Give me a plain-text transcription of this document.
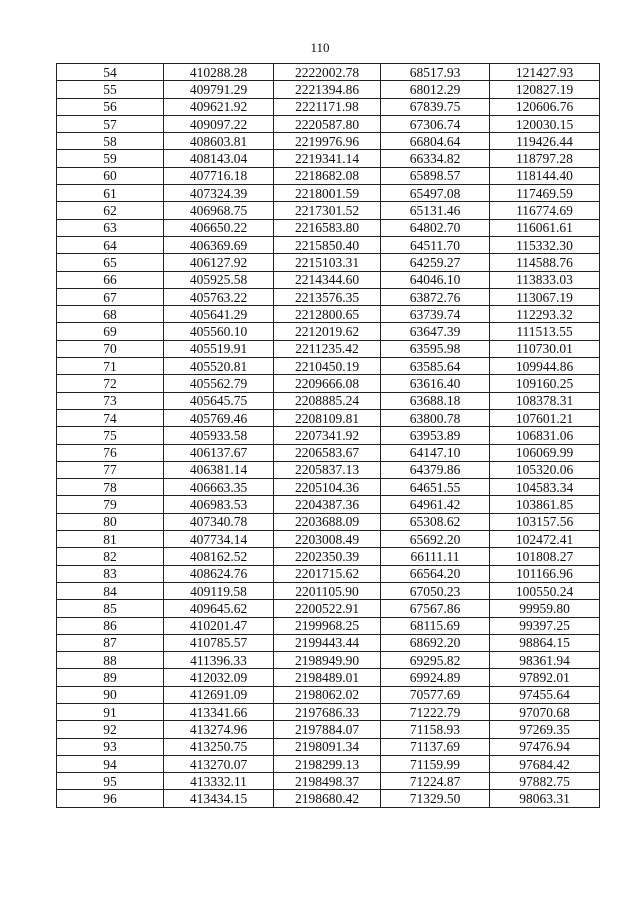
110
54	410288.28	2222002.78	68517.93	121427.93
55	409791.29	2221394.86	68012.29	120827.19
56	409621.92	2221171.98	67839.75	120606.76
57	409097.22	2220587.80	67306.74	120030.15
58	408603.81	2219976.96	66804.64	119426.44
59	408143.04	2219341.14	66334.82	118797.28
60	407716.18	2218682.08	65898.57	118144.40
61	407324.39	2218001.59	65497.08	117469.59
62	406968.75	2217301.52	65131.46	116774.69
63	406650.22	2216583.80	64802.70	116061.61
64	406369.69	2215850.40	64511.70	115332.30
65	406127.92	2215103.31	64259.27	114588.76
66	405925.58	2214344.60	64046.10	113833.03
67	405763.22	2213576.35	63872.76	113067.19
68	405641.29	2212800.65	63739.74	112293.32
69	405560.10	2212019.62	63647.39	111513.55
70	405519.91	2211235.42	63595.98	110730.01
71	405520.81	2210450.19	63585.64	109944.86
72	405562.79	2209666.08	63616.40	109160.25
73	405645.75	2208885.24	63688.18	108378.31
74	405769.46	2208109.81	63800.78	107601.21
75	405933.58	2207341.92	63953.89	106831.06
76	406137.67	2206583.67	64147.10	106069.99
77	406381.14	2205837.13	64379.86	105320.06
78	406663.35	2205104.36	64651.55	104583.34
79	406983.53	2204387.36	64961.42	103861.85
80	407340.78	2203688.09	65308.62	103157.56
81	407734.14	2203008.49	65692.20	102472.41
82	408162.52	2202350.39	66111.11	101808.27
83	408624.76	2201715.62	66564.20	101166.96
84	409119.58	2201105.90	67050.23	100550.24
85	409645.62	2200522.91	67567.86	99959.80
86	410201.47	2199968.25	68115.69	99397.25
87	410785.57	2199443.44	68692.20	98864.15
88	411396.33	2198949.90	69295.82	98361.94
89	412032.09	2198489.01	69924.89	97892.01
90	412691.09	2198062.02	70577.69	97455.64
91	413341.66	2197686.33	71222.79	97070.68
92	413274.96	2197884.07	71158.93	97269.35
93	413250.75	2198091.34	71137.69	97476.94
94	413270.07	2198299.13	71159.99	97684.42
95	413332.11	2198498.37	71224.87	97882.75
96	413434.15	2198680.42	71329.50	98063.31
